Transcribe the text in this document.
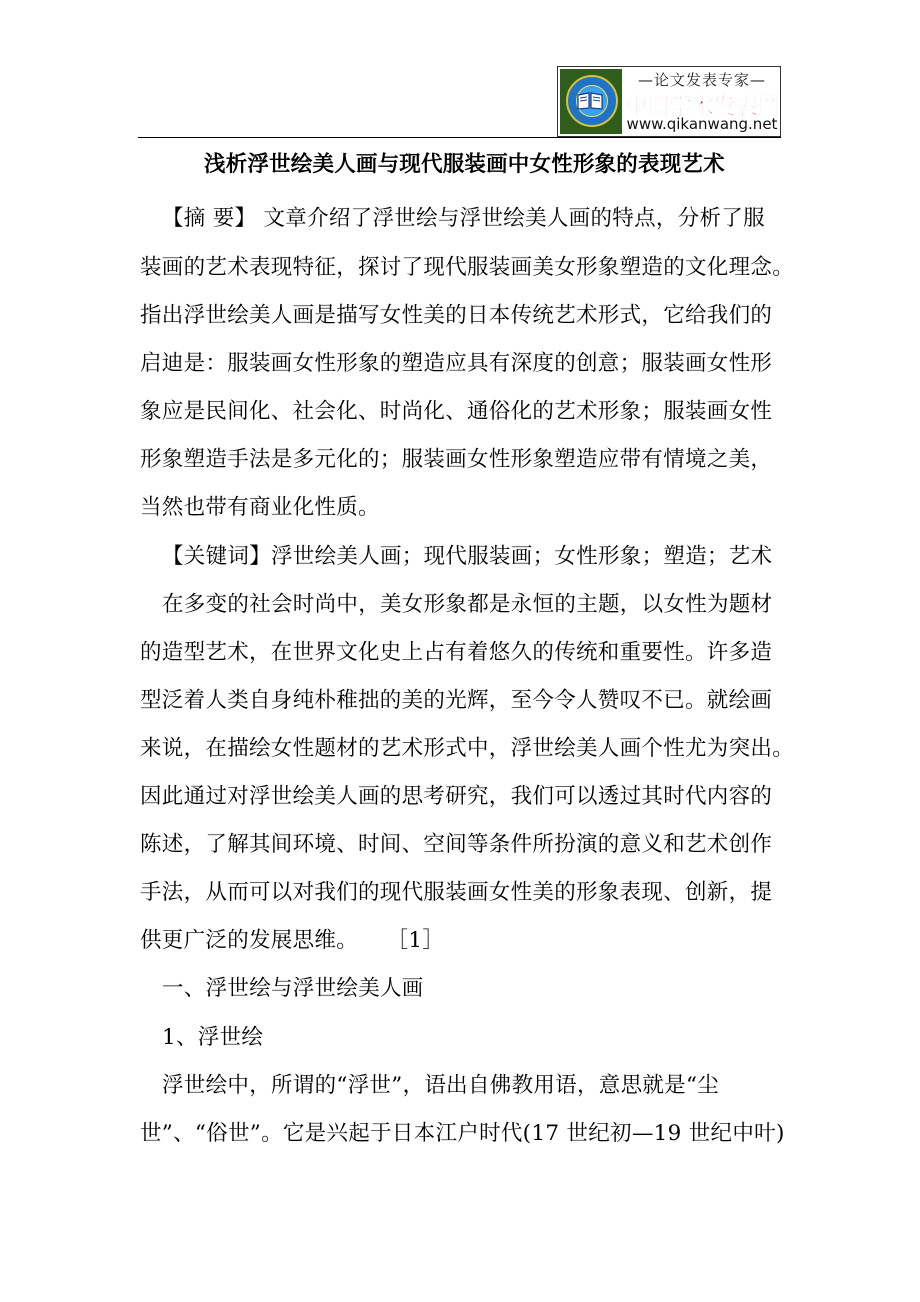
—论文发表专家—
中国学术发表网
www.qikanwang.net
浅析浮世绘美人画与现代服装画中女性形象的表现艺术
【摘 要】 文章介绍了浮世绘与浮世绘美人画的特点，分析了服
装画的艺术表现特征，探讨了现代服装画美女形象塑造的文化理念。
指出浮世绘美人画是描写女性美的日本传统艺术形式，它给我们的
启迪是：服装画女性形象的塑造应具有深度的创意；服装画女性形
象应是民间化、社会化、时尚化、通俗化的艺术形象；服装画女性
形象塑造手法是多元化的；服装画女性形象塑造应带有情境之美，
当然也带有商业化性质。
【关键词】浮世绘美人画；现代服装画；女性形象；塑造；艺术
在多变的社会时尚中，美女形象都是永恒的主题，以女性为题材
的造型艺术，在世界文化史上占有着悠久的传统和重要性。许多造
型泛着人类自身纯朴稚拙的美的光辉，至今令人赞叹不已。就绘画
来说，在描绘女性题材的艺术形式中，浮世绘美人画个性尤为突出。
因此通过对浮世绘美人画的思考研究，我们可以透过其时代内容的
陈述，了解其间环境、时间、空间等条件所扮演的意义和艺术创作
手法，从而可以对我们的现代服装画女性美的形象表现、创新，提
供更广泛的发展思维。    ［1］
一、浮世绘与浮世绘美人画
1、浮世绘
浮世绘中，所谓的“浮世”，语出自佛教用语，意思就是“尘
世”、“俗世”。它是兴起于日本江户时代(17 世纪初—19 世纪中叶)
